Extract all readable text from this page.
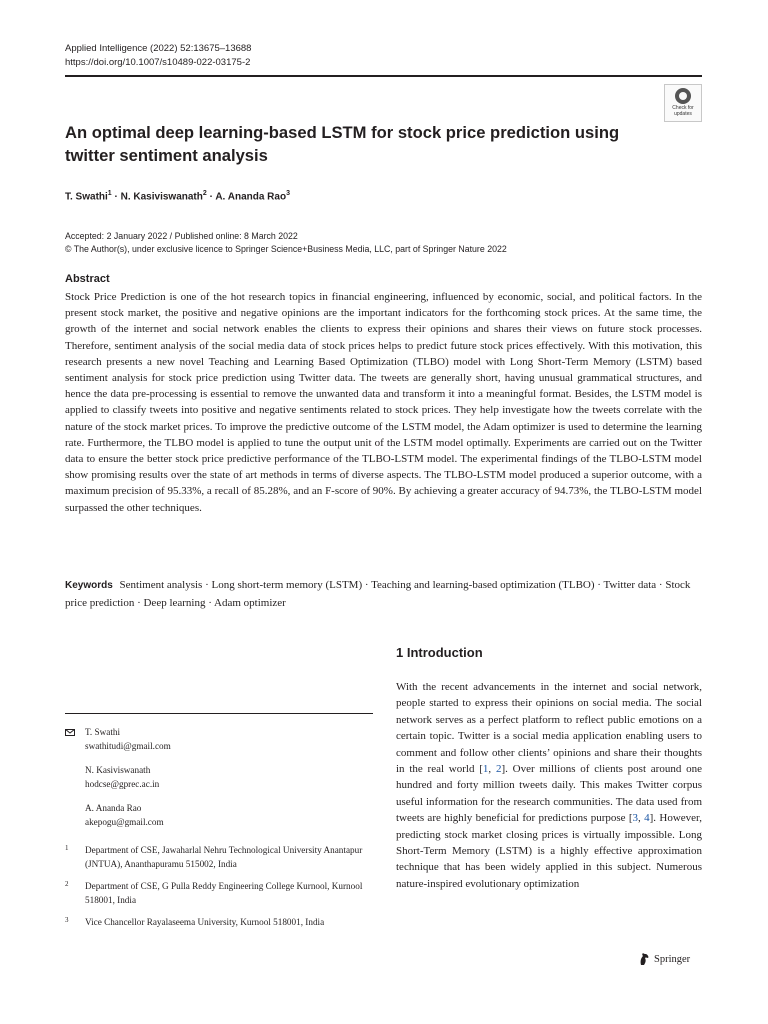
Applied Intelligence (2022) 52:13675–13688
https://doi.org/10.1007/s10489-022-03175-2
Check for
updates
An optimal deep learning-based LSTM for stock price prediction using twitter sentiment analysis
T. Swathi$^1$ · N. Kasiviswanath$^2$ · A. Ananda Rao$^3$
Accepted: 2 January 2022 / Published online: 8 March 2022
© The Author(s), under exclusive licence to Springer Science+Business Media, LLC, part of Springer Nature 2022
Abstract

Stock Price Prediction is one of the hot research topics in financial engineering, influenced by economic, social, and political factors. In the present stock market, the positive and negative opinions are the important indicators for the forthcoming stock prices. At the same time, the growth of the internet and social network enables the clients to express their opinions and shares their views on future stock processes. Therefore, sentiment analysis of the social media data of stock prices helps to predict future stock prices effectively. With this motivation, this research presents a new novel Teaching and Learning Based Optimization (TLBO) model with Long Short-Term Memory (LSTM) based sentiment analysis for stock price prediction using Twitter data. The tweets are generally short, having unusual grammatical structures, and hence the data pre-processing is essential to remove the unwanted data and transform it into a meaningful format. Besides, the LSTM model is applied to classify tweets into positive and negative sentiments related to stock prices. They help investigate how the tweets correlate with the nature of the stock market prices. To improve the predictive outcome of the LSTM model, the Adam optimizer is used to determine the learning rate. Furthermore, the TLBO model is applied to tune the output unit of the LSTM model optimally. Experiments are carried out on the Twitter data to ensure the better stock price predictive performance of the TLBO-LSTM model. The experimental findings of the TLBO-LSTM model show promising results over the state of art methods in terms of diverse aspects. The TLBO-LSTM model produced a superior outcome, with a maximum precision of 95.33%, a recall of 85.28%, and an F-score of 90%. By achieving a greater accuracy of 94.73%, the TLBO-LSTM model surpassed the other techniques.

Keywords Sentiment analysis · Long short-term memory (LSTM) · Teaching and learning-based optimization (TLBO) · Twitter data · Stock price prediction · Deep learning · Adam optimizer

T. Swathi
swathitudi@gmail.com
N. Kasiviswanath
hodcse@gprec.ac.in
A. Ananda Rao
akepogu@gmail.com
1 Department of CSE, Jawaharlal Nehru Technological University Anantapur (JNTUA), Ananthapuramu 515002, India
2 Department of CSE, G Pulla Reddy Engineering College Kurnool, Kurnool 518001, India
3 Vice Chancellor Rayalaseema University, Kurnool 518001, India
1 Introduction

With the recent advancements in the internet and social network, people started to express their opinions on social media. The social network serves as a perfect platform to reflect public emotions on a certain topic. Twitter is a social media application enabling users to comment and follow other clients’ opinions and share their thoughts in the real world [1, 2]. Over millions of clients post around one hundred and forty million tweets daily. This makes Twitter corpus useful information for the research communities. The data used from tweets are highly beneficial for predictions purpose [3, 4]. However, predicting stock market closing prices is virtually impossible. Long Short-Term Memory (LSTM) is a highly effective approximation technique that has been widely applied in this subject. Numerous nature-inspired evolutionary optimization

Springer
